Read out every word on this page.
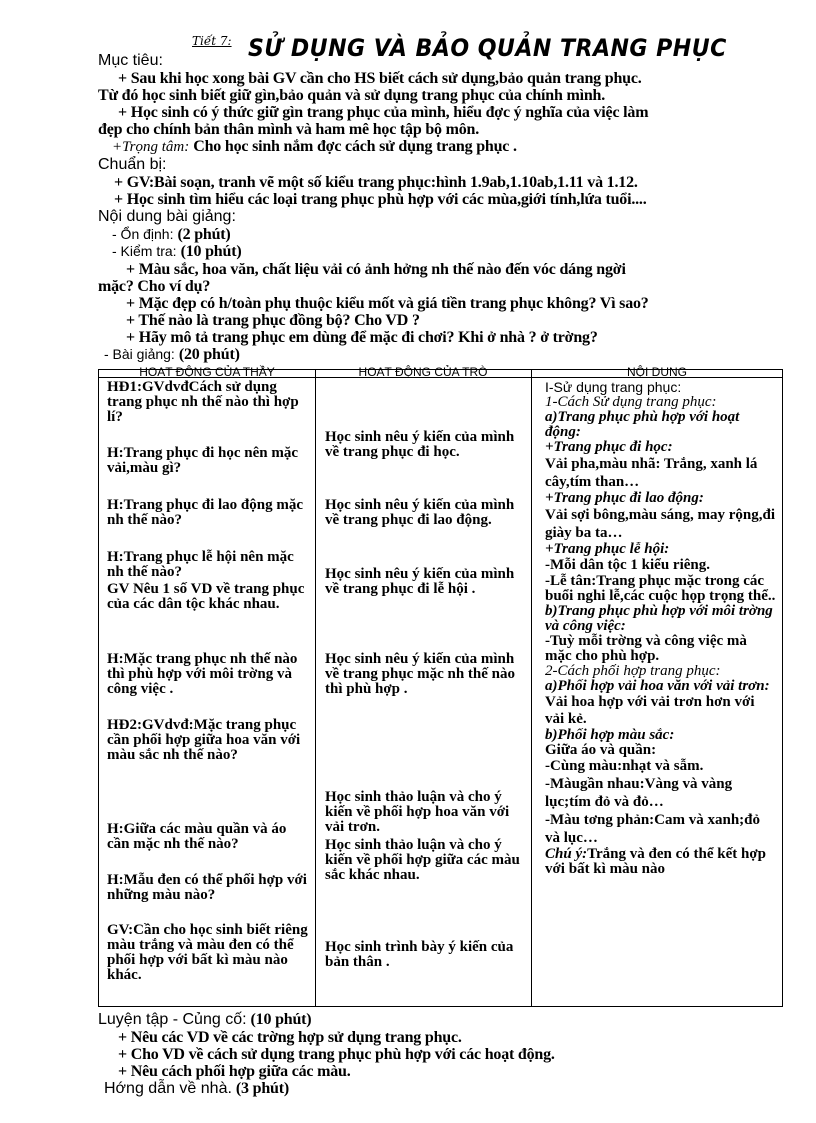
Tiết 7: SỬ DỤNG VÀ BẢO QUẢN TRANG PHỤC
Mục tiêu:
+ Sau khi học xong bài GV cần cho HS biết cách sử dụng,bảo quản trang phục.
Từ đó học sinh biết giữ gìn,bảo quản và sử dụng trang phục của chính mình.
+ Học sinh có ý thức giữ gìn trang phục của mình, hiểu đợc ý nghĩa của việc làm
đẹp cho chính bản thân mình và ham mê học tập bộ môn.
+Trọng tâm: Cho học sinh nắm đợc cách sử dụng trang phục .
Chuẩn bị:
+ GV:Bài soạn, tranh vẽ một số kiểu trang phục:hình 1.9ab,1.10ab,1.11 và 1.12.
+ Học sinh tìm hiểu các loại trang phục phù hợp với các mùa,giới tính,lứa tuổi....
Nội dung bài giảng:
- Ổn định: (2 phút)
- Kiểm tra: (10 phút)
+ Màu sắc, hoa văn, chất liệu vải có ảnh hởng nh thế nào đến vóc dáng ngời
mặc? Cho ví dụ?
+ Mặc đẹp có h/toàn phụ thuộc kiểu mốt và giá tiền trang phục không? Vì sao?
+ Thế nào là trang phục đồng bộ? Cho VD ?
+ Hãy mô tả trang phục em dùng để mặc đi chơi? Khi ở nhà ? ở trờng?
- Bài giảng: (20 phút)
HOẠT ĐỘNG CỦA THẦY	HOẠT ĐỘNG CỦA TRÒ	NỘI DUNG

HĐ1:GVdvđCách sử dụng trang phục nh thế nào thì hợp lí?

H:Trang phục đi học nên mặc vải,màu gì?

H:Trang phục đi lao động mặc nh thế nào?

H:Trang phục lễ hội nên mặc nh thế nào?

GV Nêu 1 số VD về trang phục của các dân tộc khác nhau.

H:Mặc trang phục nh thế nào thì phù hợp với môi trờng và công việc .

HĐ2:GVdvđ:Mặc trang phục cần phối hợp giữa hoa văn với màu sắc nh thế nào?

H:Giữa các màu quần và áo cần mặc nh thế nào?

H:Mẫu đen có thể phối hợp với những màu nào?

GV:Cần cho học sinh biết riêng màu trắng và màu đen có thể phối hợp với bất kì màu nào khác.

Học sinh nêu ý kiến của mình về trang phục đi học.

Học sinh nêu ý kiến của mình về trang phục đi lao động.

Học sinh nêu ý kiến của mình về trang phục đi lễ hội .

Học sinh nêu ý kiến của mình về trang phục mặc nh thế nào thì phù hợp .

Học sinh thảo luận và cho ý kiến về phối hợp hoa văn với vải trơn.

Học sinh thảo luận và cho ý kiến về phối hợp giữa các màu sắc khác nhau.

Học sinh trình bày ý kiến của bản thân .

I-Sử dụng trang phục:
1-Cách Sử dụng trang phục:
a)Trang phục phù hợp với hoạt động:
+Trang phục đi học:
Vải pha,màu nhã: Trắng, xanh lá cây,tím than…
+Trang phục đi lao động:
Vải sợi bông,màu sáng, may rộng,đi giày ba ta…
+Trang phục lễ hội:
-Mỗi dân tộc 1 kiểu riêng.
-Lễ tân:Trang phục mặc trong các buổi nghi lễ,các cuộc họp trọng thể..
b)Trang phục phù hợp với môi trờng và công việc:
-Tuỳ mỗi trờng và công việc mà mặc cho phù hợp.
2-Cách phối hợp trang phục:
a)Phối hợp vải hoa văn với vải trơn:
Vải hoa hợp với vải trơn hơn với vải kẻ.
b)Phối hợp màu sắc:
Giữa áo và quần:
-Cùng màu:nhạt và sẫm.
-Màugần nhau:Vàng và vàng lục;tím đỏ và đỏ…
-Màu tơng phản:Cam và xanh;đỏ và lục…
Chú ý:Trắng và đen có thể kết hợp với bất kì màu nào
Luyện tập - Củng cố: (10 phút)
+ Nêu các VD về các trờng hợp sử dụng trang phục.
+ Cho VD về cách sử dụng trang phục phù hợp với các hoạt động.
+ Nêu cách phối hợp giữa các màu.
Hớng dẫn về nhà. (3 phút)
